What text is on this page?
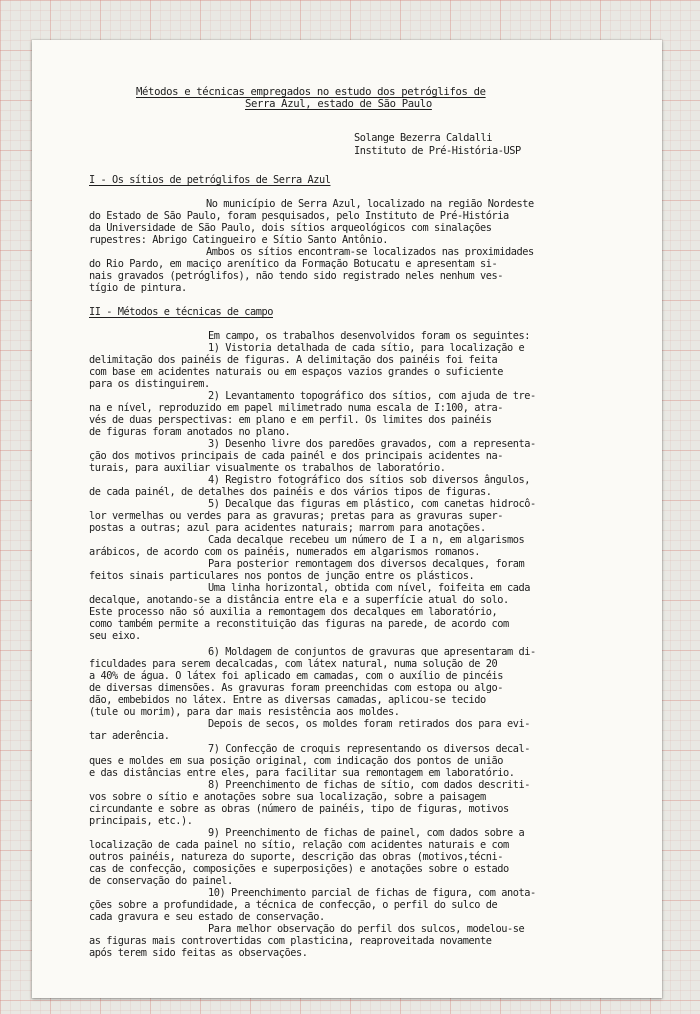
Métodos e técnicas empregados no estudo dos petróglifos de
Serra Azul, estado de São Paulo
Solange Bezerra Caldalli
Instituto de Pré-História-USP
I - Os sítios de petróglifos de Serra Azul
No município de Serra Azul, localizado na região Nordeste
do Estado de São Paulo, foram pesquisados, pelo Instituto de Pré-História
da Universidade de São Paulo, dois sítios arqueológicos com sinalações
rupestres: Abrigo Catingueiro e Sítio Santo Antônio.
Ambos os sítios encontram-se localizados nas proximidades
do Rio Pardo, em maciço arenítico da Formação Botucatu e apresentam si-
nais gravados (petróglifos), não tendo sido registrado neles nenhum ves-
tígio de pintura.
II - Métodos e técnicas de campo
Em campo, os trabalhos desenvolvidos foram os seguintes:
1) Vistoria detalhada de cada sítio, para localização e
delimitação dos painéis de figuras. A delimitação dos painéis foi feita
com base em acidentes naturais ou em espaços vazios grandes o suficiente
para os distinguirem.
2) Levantamento topográfico dos sítios, com ajuda de tre-
na e nível, reproduzido em papel milimetrado numa escala de I:100, atra-
vés de duas perspectivas: em plano e em perfil. Os limites dos painéis
de figuras foram anotados no plano.
3) Desenho livre dos paredões gravados, com a representa-
ção dos motivos principais de cada painél e dos principais acidentes na-
turais, para auxiliar visualmente os trabalhos de laboratório.
4) Registro fotográfico dos sítios sob diversos ângulos,
de cada painél, de detalhes dos painéis e dos vários tipos de figuras.
5) Decalque das figuras em plástico, com canetas hidrocô-
lor vermelhas ou verdes para as gravuras; pretas para as gravuras super-
postas a outras; azul para acidentes naturais; marrom para anotações.
Cada decalque recebeu um número de I a n, em algarismos
arábicos, de acordo com os painéis, numerados em algarismos romanos.
Para posterior remontagem dos diversos decalques, foram
feitos sinais particulares nos pontos de junção entre os plásticos.
Uma linha horizontal, obtida com nível, foifeita em cada
decalque, anotando-se a distância entre ela e a superfície atual do solo.
Este processo não só auxilia a remontagem dos decalques em laboratório,
como também permite a reconstituição das figuras na parede, de acordo com
seu eixo.
6) Moldagem de conjuntos de gravuras que apresentaram di-
ficuldades para serem decalcadas, com látex natural, numa solução de 20
a 40% de água. O látex foi aplicado em camadas, com o auxílio de pincéis
de diversas dimensões. As gravuras foram preenchidas com estopa ou algo-
dão, embebidos no látex. Entre as diversas camadas, aplicou-se tecido
(tule ou morim), para dar mais resistência aos moldes.
Depois de secos, os moldes foram retirados dos para evi-
tar aderência.
7) Confecção de croquis representando os diversos decal-
ques e moldes em sua posição original, com indicação dos pontos de união
e das distâncias entre eles, para facilitar sua remontagem em laboratório.
8) Preenchimento de fichas de sítio, com dados descriti-
vos sobre o sítio e anotações sobre sua localização, sobre a paisagem
circundante e sobre as obras (número de painéis, tipo de figuras, motivos
principais, etc.).
9) Preenchimento de fichas de painel, com dados sobre a
localização de cada painel no sítio, relação com acidentes naturais e com
outros painéis, natureza do suporte, descrição das obras (motivos,técni-
cas de confecção, composições e superposições) e anotações sobre o estado
de conservação do painel.
10) Preenchimento parcial de fichas de figura, com anota-
ções sobre a profundidade, a técnica de confecção, o perfil do sulco de
cada gravura e seu estado de conservação.
Para melhor observação do perfil dos sulcos, modelou-se
as figuras mais controvertidas com plasticina, reaproveitada novamente
após terem sido feitas as observações.
